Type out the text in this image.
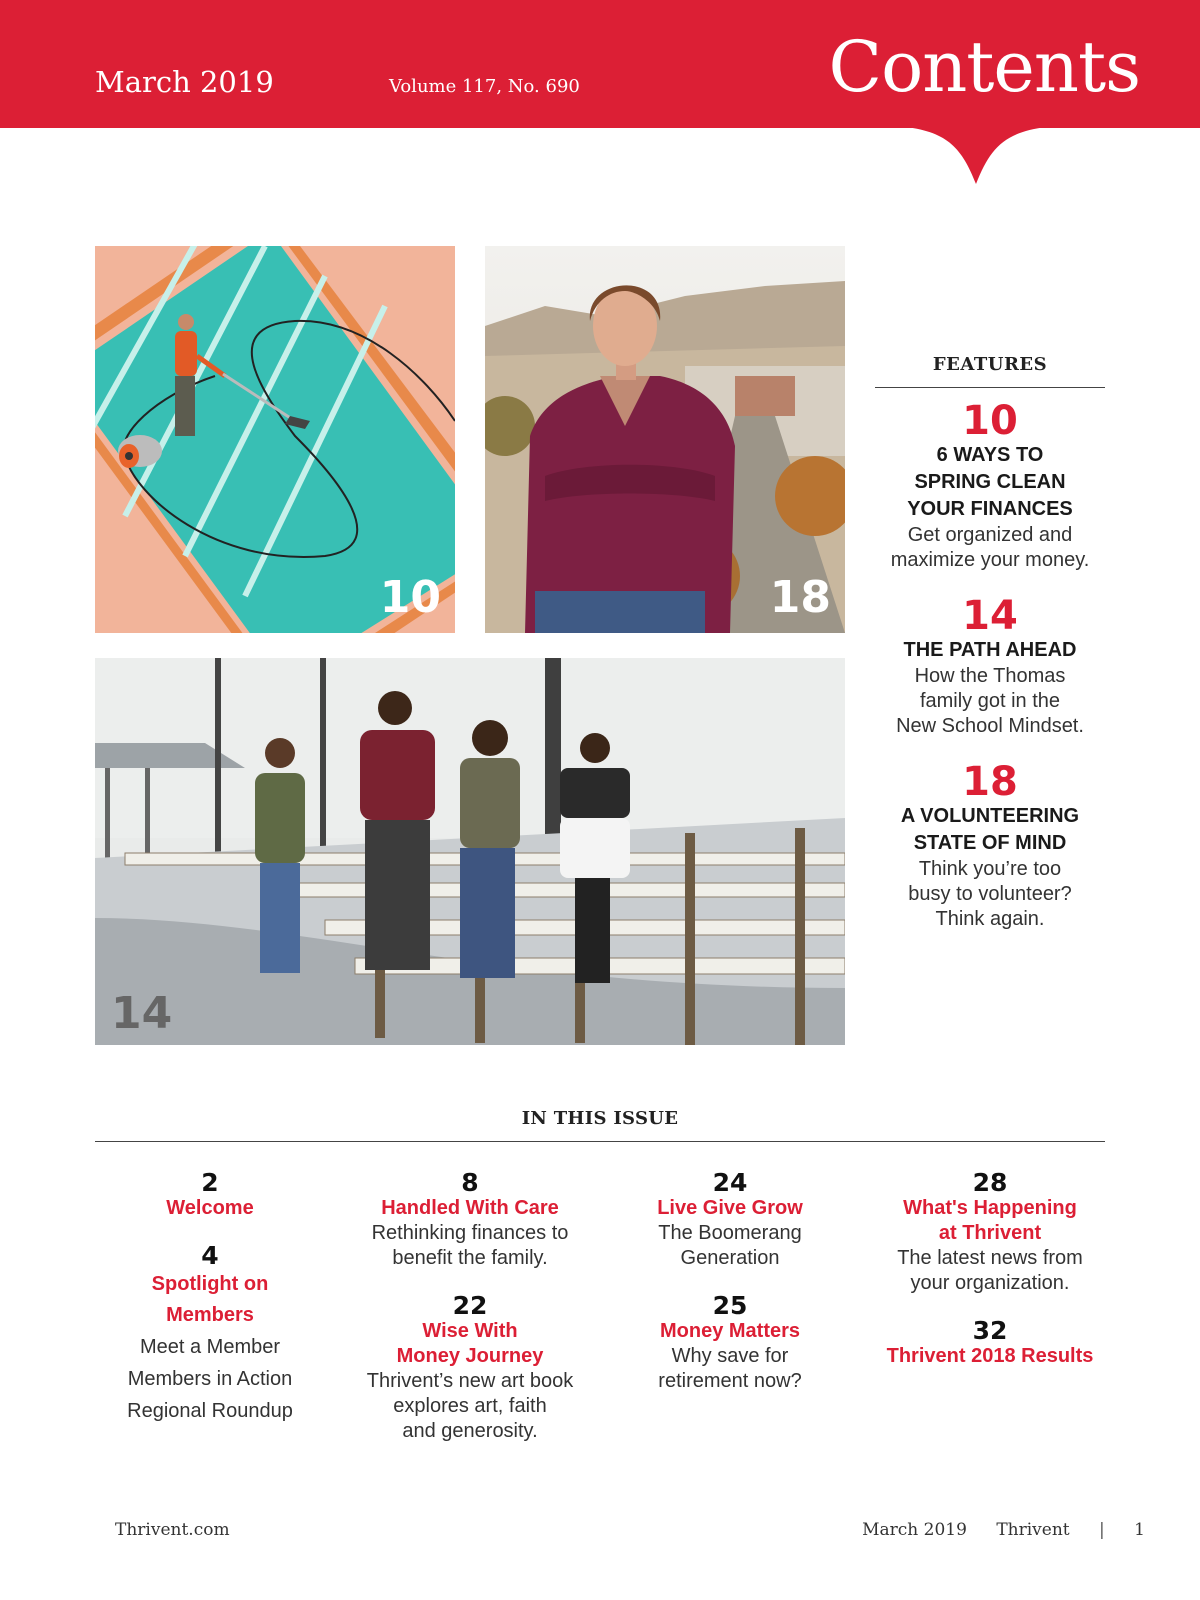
March 2019	Volume 117, No. 690	Contents
10	18
14
FEATURES
10
6 WAYS TO
SPRING CLEAN
YOUR FINANCES
Get organized and
maximize your money.
14
THE PATH AHEAD
How the Thomas
family got in the
New School Mindset.
18
A VOLUNTEERING
STATE OF MIND
Think you’re too
busy to volunteer?
Think again.
IN THIS ISSUE
2
Welcome
4
Spotlight on
Members
Meet a Member
Members in Action
Regional Roundup
8
Handled With Care
Rethinking finances to
benefit the family.
22
Wise With
Money Journey
Thrivent’s new art book
explores art, faith
and generosity.
24
Live Give Grow
The Boomerang
Generation
25
Money Matters
Why save for
retirement now?
28
What's Happening
at Thrivent
The latest news from
your organization.
32
Thrivent 2018 Results
Thrivent.com	March 2019 Thrivent | 1
